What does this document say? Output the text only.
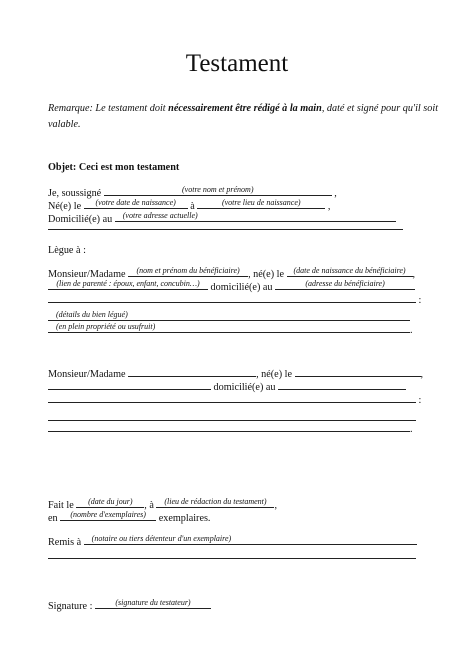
Testament
Remarque: Le testament doit nécessairement être rédigé à la main, daté et signé pour qu'il soit valable.
Objet: Ceci est mon testament
Je, soussigné	(votre nom et prénom)	,
Né(e) le (votre date de naissance) à	(votre lieu de naissance)	,
Domicilié(e) au (votre adresse actuelle)
Lègue à :
Monsieur/Madame (nom et prénom du bénéficiaire) , né(e) le (date de naissance du bénéficiaire) ,
(lien de parenté : époux, enfant, concubin…) domicilié(e) au	(adresse du bénéficiaire)
:
(détails du bien légué)
(en plein propriété ou usufruit)	.
Monsieur/Madame	, né(e) le	,
domicilié(e) au
:
.
Fait le (date du jour) , à (lieu de rédaction du testament) ,
en (nombre d'exemplaires) exemplaires.
Remis à (notaire ou tiers détenteur d'un exemplaire)
Signature :	(signature du testateur)
